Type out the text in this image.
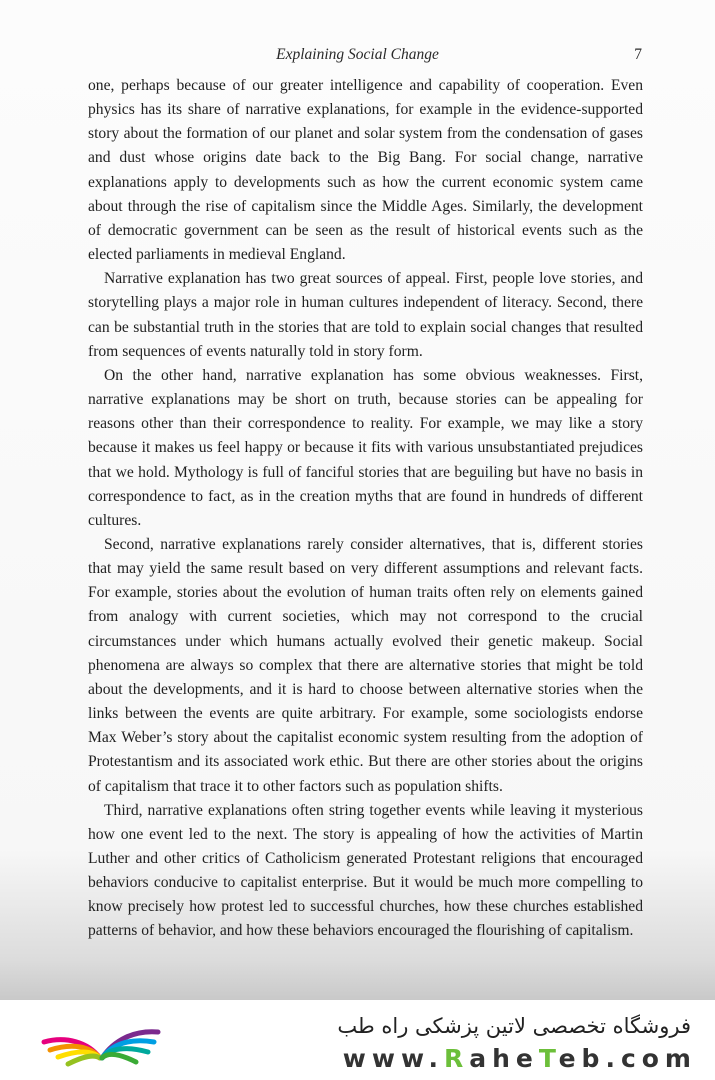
Explaining Social Change	7

one, perhaps because of our greater intelligence and capability of cooperation. Even physics has its share of narrative explanations, for example in the evidence-supported story about the formation of our planet and solar system from the condensation of gases and dust whose origins date back to the Big Bang. For social change, narrative explanations apply to developments such as how the current economic system came about through the rise of capitalism since the Middle Ages. Similarly, the development of democratic government can be seen as the result of historical events such as the elected parliaments in medieval England.

Narrative explanation has two great sources of appeal. First, people love stories, and storytelling plays a major role in human cultures independent of literacy. Second, there can be substantial truth in the stories that are told to explain social changes that resulted from sequences of events naturally told in story form.

On the other hand, narrative explanation has some obvious weaknesses. First, narrative explanations may be short on truth, because stories can be appealing for reasons other than their correspondence to reality. For example, we may like a story because it makes us feel happy or because it fits with various unsubstantiated prejudices that we hold. Mythology is full of fanciful stories that are beguiling but have no basis in correspondence to fact, as in the creation myths that are found in hundreds of different cultures.

Second, narrative explanations rarely consider alternatives, that is, different stories that may yield the same result based on very different assumptions and relevant facts. For example, stories about the evolution of human traits often rely on elements gained from analogy with current societies, which may not correspond to the crucial circumstances under which humans actually evolved their genetic makeup. Social phenomena are always so complex that there are alternative stories that might be told about the developments, and it is hard to choose between alternative stories when the links between the events are quite arbitrary. For example, some sociologists endorse Max Weber’s story about the capitalist economic system resulting from the adoption of Protestantism and its associated work ethic. But there are other stories about the origins of capitalism that trace it to other factors such as population shifts.

Third, narrative explanations often string together events while leaving it mysterious how one event led to the next. The story is appealing of how the activities of Martin Luther and other critics of Catholicism generated Protestant religions that encouraged behaviors conducive to capitalist enterprise. But it would be much more compelling to know precisely how protest led to successful churches, how these churches established patterns of behavior, and how these behaviors encouraged the flourishing of capitalism.

فروشگاه تخصصی لاتین پزشکی راه طب
www.RaheTeb.com
